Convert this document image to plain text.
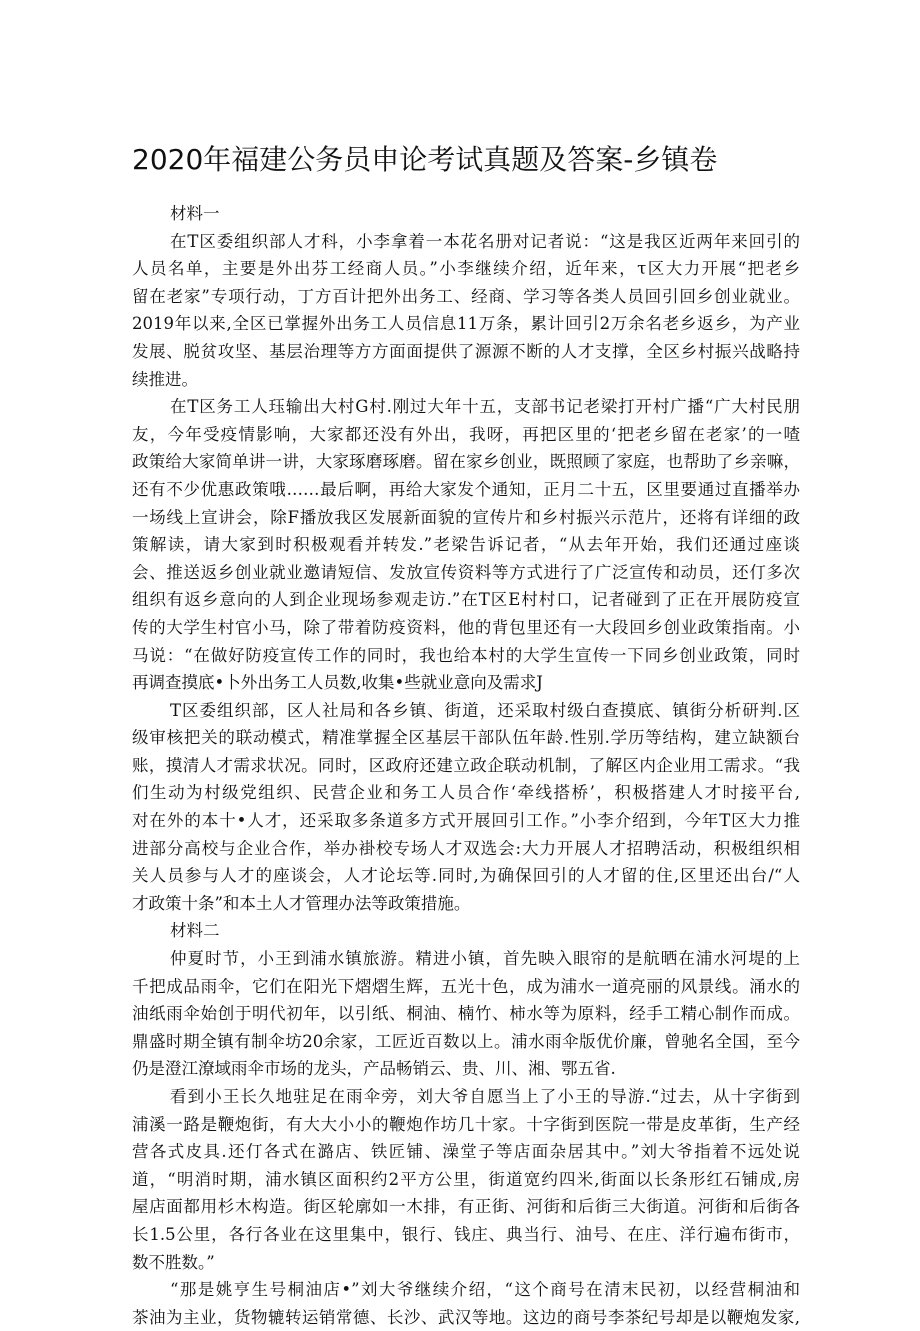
2020年福建公务员申论考试真题及答案-乡镇卷
材料一
在T区委组织部人才科，小李拿着一本花名册对记者说：“这是我区近两年来回引的
人员名单，主要是外出芬工经商人员。”小李继续介绍，近年来，τ区大力开展“把老乡
留在老家”专项行动，丁方百计把外出务工、经商、学习等各类人员回引回乡创业就业。
2019年以来,全区已掌握外出务工人员信息11万条，累计回引2万余名老乡返乡，为产业
发展、脱贫攻坚、基层治理等方方面面提供了源源不断的人才支撑，全区乡村振兴战略持
续推进。
在T区务工人珏输出大村G村.刚过大年十五，支部书记老梁打开村广播“广大村民朋
友，今年受疫情影响，大家都还没有外出，我呀，再把区里的‘把老乡留在老家’的一喳
政策给大家简单讲一讲，大家琢磨琢磨。留在家乡创业，既照顾了家庭，也帮助了乡亲嘛，
还有不少优惠政策哦……最后啊，再给大家发个通知，正月二十五，区里要通过直播举办
一场线上宣讲会，除F播放我区发展新面貌的宣传片和乡村振兴示范片，还将有详细的政
策解读，请大家到时积极观看并转发.”老梁告诉记者，“从去年开始，我们还通过座谈
会、推送返乡创业就业邀请短信、发放宣传资料等方式进行了广泛宣传和动员，还仃多次
组织有返乡意向的人到企业现场参观走访.”在T区E村村口，记者碰到了正在开展防疫宣
传的大学生村官小马，除了带着防疫资料，他的背包里还有一大段回乡创业政策指南。小
马说：“在做好防疫宣传工作的同时，我也给本村的大学生宣传一下同乡创业政策，同时
再调查摸底•卜外出务工人员数,收集•些就业意向及需求J
T区委组织部，区人社局和各乡镇、街道，还采取村级白查摸底、镇街分析研判.区
级审核把关的联动模式，精准掌握全区基层干部队伍年龄.性别.学历等结构，建立缺额台
账，摸清人才需求状况。同时，区政府还建立政企联动机制，了解区内企业用工需求。“我
们生动为村级党组织、民营企业和务工人员合作‘牵线搭桥’，积极搭建人才时接平台,
对在外的本十•人才，还采取多条道多方式开展回引工作。”小李介绍到，今年T区大力推
进部分高校与企业合作，举办褂校专场人才双选会:大力开展人才招聘活动，积极组织相
关人员参与人才的座谈会，人才论坛等.同时,为确保回引的人才留的住,区里还出台/“人
才政策十条”和本土人才管理办法等政策措施。
材料二
仲夏时节，小王到浦水镇旅游。精进小镇，首先映入眼帘的是航晒在浦水河堤的上
千把成品雨伞，它们在阳光下熠熠生辉，五光十色，成为浦水一道亮丽的风景线。涌水的
油纸雨伞始创于明代初年，以引纸、桐油、楠竹、柿水等为原料，经手工精心制作而成。
鼎盛时期全镇有制伞坊20余家，工匠近百数以上。浦水雨伞版优价廉，曾驰名全国，至今
仍是澄江潦域雨伞市场的龙头，产品畅销云、贵、川、湘、鄂五省.
看到小王长久地驻足在雨伞旁，刘大爷自愿当上了小王的导游.“过去，从十字街到
浦溪一路是鞭炮街，有大大小小的鞭炮作坊几十家。十字街到医院一带是皮革街，生产经
营各式皮具.还仃各式在潞店、铁匠铺、澡堂子等店面杂居其中。”刘大爷指着不远处说
道，“明消时期，浦水镇区面积约2平方公里，街道宽约四米,街面以长条形红石铺成,房
屋店面都用杉木构造。街区轮廓如一木排，有正街、河街和后街三大街道。河街和后街各
长1.5公里，各行各业在这里集中，银行、钱庄、典当行、油号、在庄、洋行遍布街市，
数不胜数。”
“那是姚亨生号桐油店•”刘大爷继续介绍，“这个商号在清末民初，以经营桐油和
茶油为主业，货物辘转运销常德、长沙、武汉等地。这边的商号李茶纪号却是以鞭炮发家,
